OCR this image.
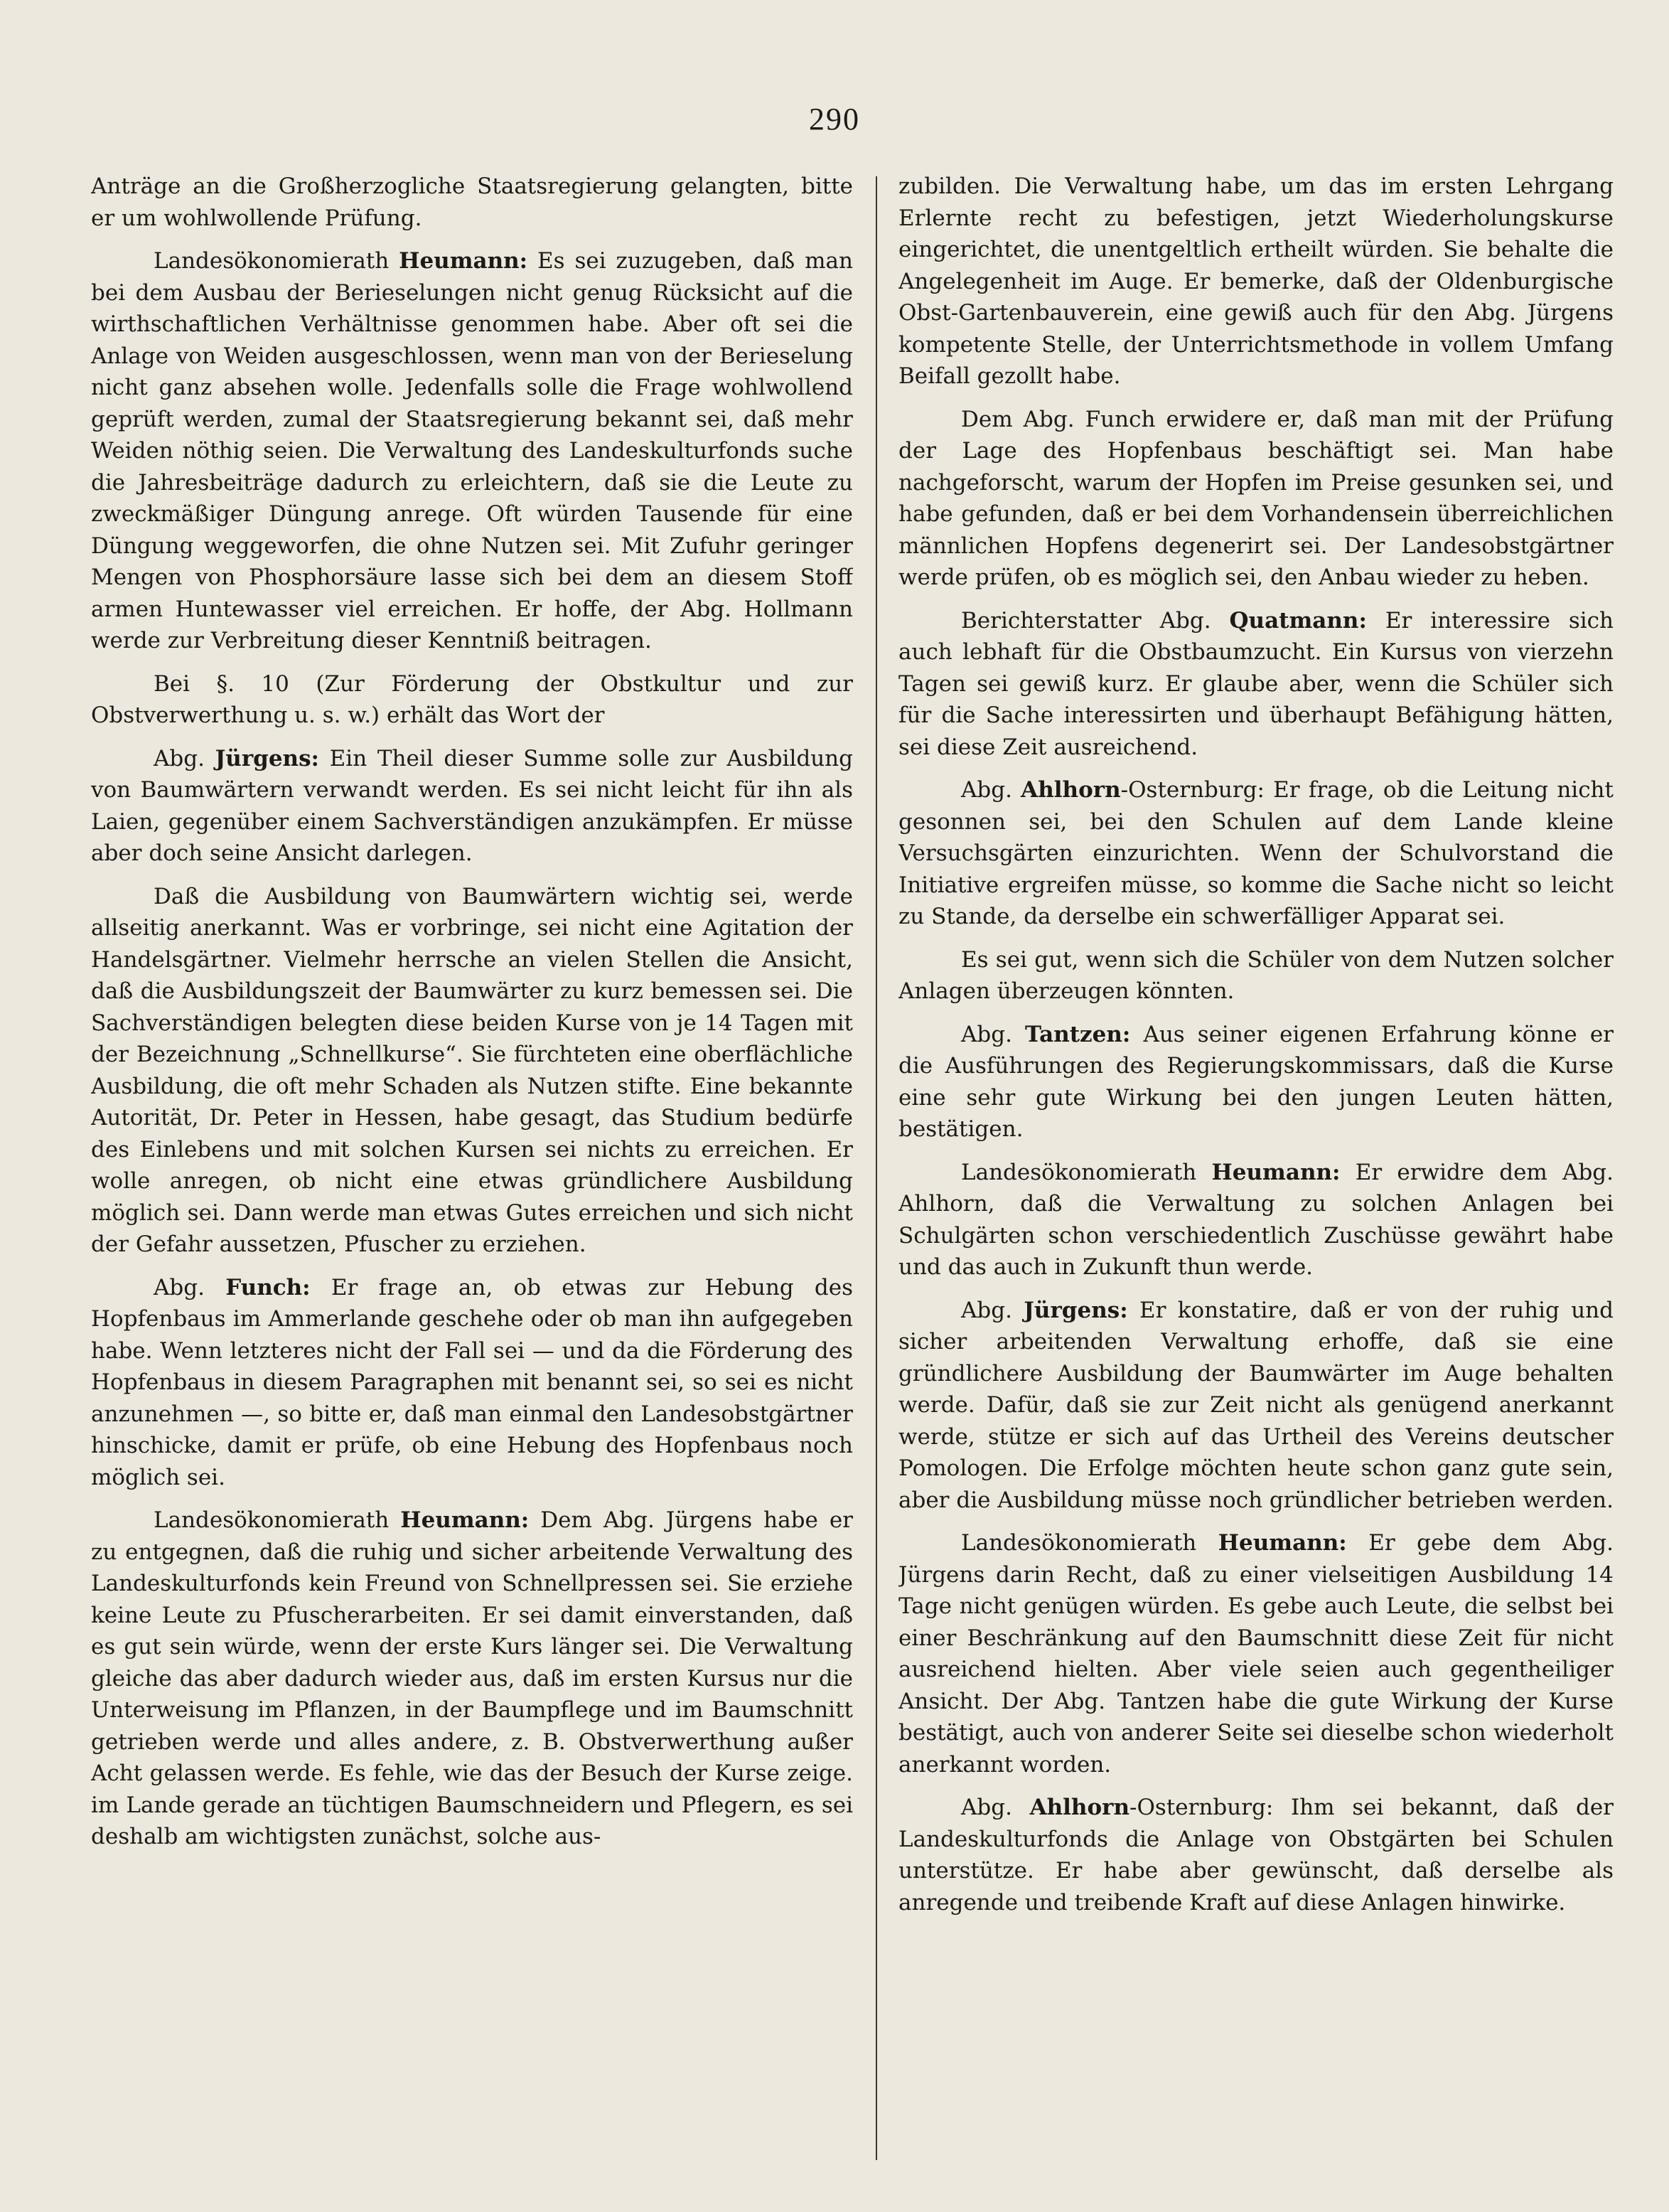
290

Anträge an die Großherzogliche Staatsregierung gelangten, bitte er um wohlwollende Prüfung.

Landesökonomierath Heumann: Es sei zuzugeben, daß man bei dem Ausbau der Berieselungen nicht genug Rücksicht auf die wirthschaftlichen Verhältnisse genommen habe. Aber oft sei die Anlage von Weiden ausgeschlossen, wenn man von der Berieselung nicht ganz absehen wolle. Jedenfalls solle die Frage wohlwollend geprüft werden, zumal der Staatsregierung bekannt sei, daß mehr Weiden nöthig seien. Die Verwaltung des Landeskulturfonds suche die Jahresbeiträge dadurch zu erleichtern, daß sie die Leute zu zweckmäßiger Düngung anrege. Oft würden Tausende für eine Düngung weggeworfen, die ohne Nutzen sei. Mit Zufuhr geringer Mengen von Phosphorsäure lasse sich bei dem an diesem Stoff armen Huntewasser viel erreichen. Er hoffe, der Abg. Hollmann werde zur Verbreitung dieser Kenntniß beitragen.

Bei §. 10 (Zur Förderung der Obstkultur und zur Obstverwerthung u. s. w.) erhält das Wort der

Abg. Jürgens: Ein Theil dieser Summe solle zur Ausbildung von Baumwärtern verwandt werden. Es sei nicht leicht für ihn als Laien, gegenüber einem Sachverständigen anzukämpfen. Er müsse aber doch seine Ansicht darlegen.

Daß die Ausbildung von Baumwärtern wichtig sei, werde allseitig anerkannt. Was er vorbringe, sei nicht eine Agitation der Handelsgärtner. Vielmehr herrsche an vielen Stellen die Ansicht, daß die Ausbildungszeit der Baumwärter zu kurz bemessen sei. Die Sachverständigen belegten diese beiden Kurse von je 14 Tagen mit der Bezeichnung „Schnellkurse“. Sie fürchteten eine oberflächliche Ausbildung, die oft mehr Schaden als Nutzen stifte. Eine bekannte Autorität, Dr. Peter in Hessen, habe gesagt, das Studium bedürfe des Einlebens und mit solchen Kursen sei nichts zu erreichen. Er wolle anregen, ob nicht eine etwas gründlichere Ausbildung möglich sei. Dann werde man etwas Gutes erreichen und sich nicht der Gefahr aussetzen, Pfuscher zu erziehen.

Abg. Funch: Er frage an, ob etwas zur Hebung des Hopfenbaus im Ammerlande geschehe oder ob man ihn aufgegeben habe. Wenn letzteres nicht der Fall sei — und da die Förderung des Hopfenbaus in diesem Paragraphen mit benannt sei, so sei es nicht anzunehmen —, so bitte er, daß man einmal den Landesobstgärtner hinschicke, damit er prüfe, ob eine Hebung des Hopfenbaus noch möglich sei.

Landesökonomierath Heumann: Dem Abg. Jürgens habe er zu entgegnen, daß die ruhig und sicher arbeitende Verwaltung des Landeskulturfonds kein Freund von Schnellpressen sei. Sie erziehe keine Leute zu Pfuscherarbeiten. Er sei damit einverstanden, daß es gut sein würde, wenn der erste Kurs länger sei. Die Verwaltung gleiche das aber dadurch wieder aus, daß im ersten Kursus nur die Unterweisung im Pflanzen, in der Baumpflege und im Baumschnitt getrieben werde und alles andere, z. B. Obstverwerthung außer Acht gelassen werde. Es fehle, wie das der Besuch der Kurse zeige. im Lande gerade an tüchtigen Baumschneidern und Pflegern, es sei deshalb am wichtigsten zunächst, solche aus-

zubilden. Die Verwaltung habe, um das im ersten Lehrgang Erlernte recht zu befestigen, jetzt Wiederholungskurse eingerichtet, die unentgeltlich ertheilt würden. Sie behalte die Angelegenheit im Auge. Er bemerke, daß der Oldenburgische Obst-Gartenbauverein, eine gewiß auch für den Abg. Jürgens kompetente Stelle, der Unterrichtsmethode in vollem Umfang Beifall gezollt habe.

Dem Abg. Funch erwidere er, daß man mit der Prüfung der Lage des Hopfenbaus beschäftigt sei. Man habe nachgeforscht, warum der Hopfen im Preise gesunken sei, und habe gefunden, daß er bei dem Vorhandensein überreichlichen männlichen Hopfens degenerirt sei. Der Landesobstgärtner werde prüfen, ob es möglich sei, den Anbau wieder zu heben.

Berichterstatter Abg. Quatmann: Er interessire sich auch lebhaft für die Obstbaumzucht. Ein Kursus von vierzehn Tagen sei gewiß kurz. Er glaube aber, wenn die Schüler sich für die Sache interessirten und überhaupt Befähigung hätten, sei diese Zeit ausreichend.

Abg. Ahlhorn-Osternburg: Er frage, ob die Leitung nicht gesonnen sei, bei den Schulen auf dem Lande kleine Versuchsgärten einzurichten. Wenn der Schulvorstand die Initiative ergreifen müsse, so komme die Sache nicht so leicht zu Stande, da derselbe ein schwerfälliger Apparat sei.

Es sei gut, wenn sich die Schüler von dem Nutzen solcher Anlagen überzeugen könnten.

Abg. Tantzen: Aus seiner eigenen Erfahrung könne er die Ausführungen des Regierungskommissars, daß die Kurse eine sehr gute Wirkung bei den jungen Leuten hätten, bestätigen.

Landesökonomierath Heumann: Er erwidre dem Abg. Ahlhorn, daß die Verwaltung zu solchen Anlagen bei Schulgärten schon verschiedentlich Zuschüsse gewährt habe und das auch in Zukunft thun werde.

Abg. Jürgens: Er konstatire, daß er von der ruhig und sicher arbeitenden Verwaltung erhoffe, daß sie eine gründlichere Ausbildung der Baumwärter im Auge behalten werde. Dafür, daß sie zur Zeit nicht als genügend anerkannt werde, stütze er sich auf das Urtheil des Vereins deutscher Pomologen. Die Erfolge möchten heute schon ganz gute sein, aber die Ausbildung müsse noch gründlicher betrieben werden.

Landesökonomierath Heumann: Er gebe dem Abg. Jürgens darin Recht, daß zu einer vielseitigen Ausbildung 14 Tage nicht genügen würden. Es gebe auch Leute, die selbst bei einer Beschränkung auf den Baumschnitt diese Zeit für nicht ausreichend hielten. Aber viele seien auch gegentheiliger Ansicht. Der Abg. Tantzen habe die gute Wirkung der Kurse bestätigt, auch von anderer Seite sei dieselbe schon wiederholt anerkannt worden.

Abg. Ahlhorn-Osternburg: Ihm sei bekannt, daß der Landeskulturfonds die Anlage von Obstgärten bei Schulen unterstütze. Er habe aber gewünscht, daß derselbe als anregende und treibende Kraft auf diese Anlagen hinwirke.
